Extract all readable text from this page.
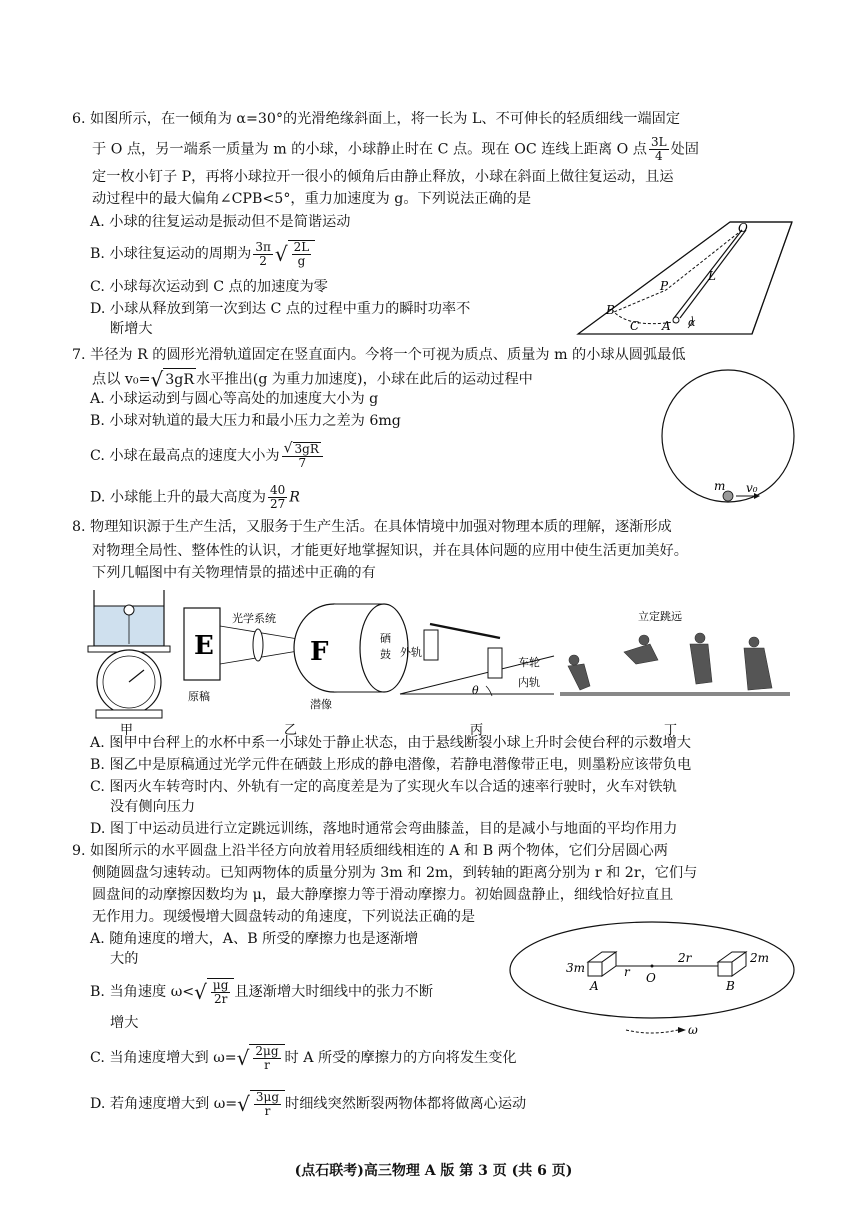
6. 如图所示，在一倾角为 α=30°的光滑绝缘斜面上，将一长为 L、不可伸长的轻质细线一端固定
于 O 点，另一端系一质量为 m 的小球，小球静止时在 C 点。现在 OC 连线上距离 O 点 $\frac{3L}{4}$ 处固
定一枚小钉子 P，再将小球拉开一很小的倾角后由静止释放，小球在斜面上做往复运动，且运
动过程中的最大偏角∠CPB<5°，重力加速度为 g。下列说法正确的是
A. 小球的往复运动是振动但不是简谐运动
B. 小球往复运动的周期为 $\frac{3\pi}{2}$ √ $\frac{2L}{g}$
C. 小球每次运动到 C 点的加速度为零
D. 小球从释放到第一次到达 C 点的过程中重力的瞬时功率不
断增大
O
L
P
B
C A α
7. 半径为 R 的圆形光滑轨道固定在竖直面内。今将一个可视为质点、质量为 m 的小球从圆弧最低
点以 v₀=√ 3gR 水平推出(g 为重力加速度)，小球在此后的运动过程中
A. 小球运动到与圆心等高处的加速度大小为 g
B. 小球对轨道的最大压力和最小压力之差为 6mg
C. 小球在最高点的速度大小为 $\frac{√ 3gR}{7}$
D. 小球能上升的最大高度为 $\frac{40}{27}$ R
m v₀
8. 物理知识源于生产生活，又服务于生产生活。在具体情境中加强对物理本质的理解，逐渐形成
对物理全局性、整体性的认识，才能更好地掌握知识，并在具体问题的应用中使生活更加美好。
下列几幅图中有关物理情景的描述中正确的有
甲
E	F
光学系统
原稿
潜像
硒
鼓
乙
外轨
车轮
内轨
θ
丙
立定跳远
丁
A. 图甲中台秤上的水杯中系一小球处于静止状态，由于悬线断裂小球上升时会使台秤的示数增大
B. 图乙中是原稿通过光学元件在硒鼓上形成的静电潜像，若静电潜像带正电，则墨粉应该带负电
C. 图丙火车转弯时内、外轨有一定的高度差是为了实现火车以合适的速率行驶时，火车对铁轨
没有侧向压力
D. 图丁中运动员进行立定跳远训练，落地时通常会弯曲膝盖，目的是减小与地面的平均作用力
9. 如图所示的水平圆盘上沿半径方向放着用轻质细线相连的 A 和 B 两个物体，它们分居圆心两
侧随圆盘匀速转动。已知两物体的质量分别为 3m 和 2m，到转轴的距离分别为 r 和 2r，它们与
圆盘间的动摩擦因数均为 μ，最大静摩擦力等于滑动摩擦力。初始圆盘静止，细线恰好拉直且
无作用力。现缓慢增大圆盘转动的角速度，下列说法正确的是
A. 随角速度的增大，A、B 所受的摩擦力也是逐渐增
大的
B. 当角速度 $\omega<√ \frac{\mu g}{2r}$ 且逐渐增大时细线中的张力不断
增大
C. 当角速度增大到 $\omega=√ \frac{2\mu g}{r}$ 时 A 所受的摩擦力的方向将发生变化
D. 若角速度增大到 $\omega=√ \frac{3\mu g}{r}$ 时细线突然断裂两物体都将做离心运动
3m
2m
r
2r
O
A	B
ω
(点石联考)高三物理 A 版 第 3 页 (共 6 页)
